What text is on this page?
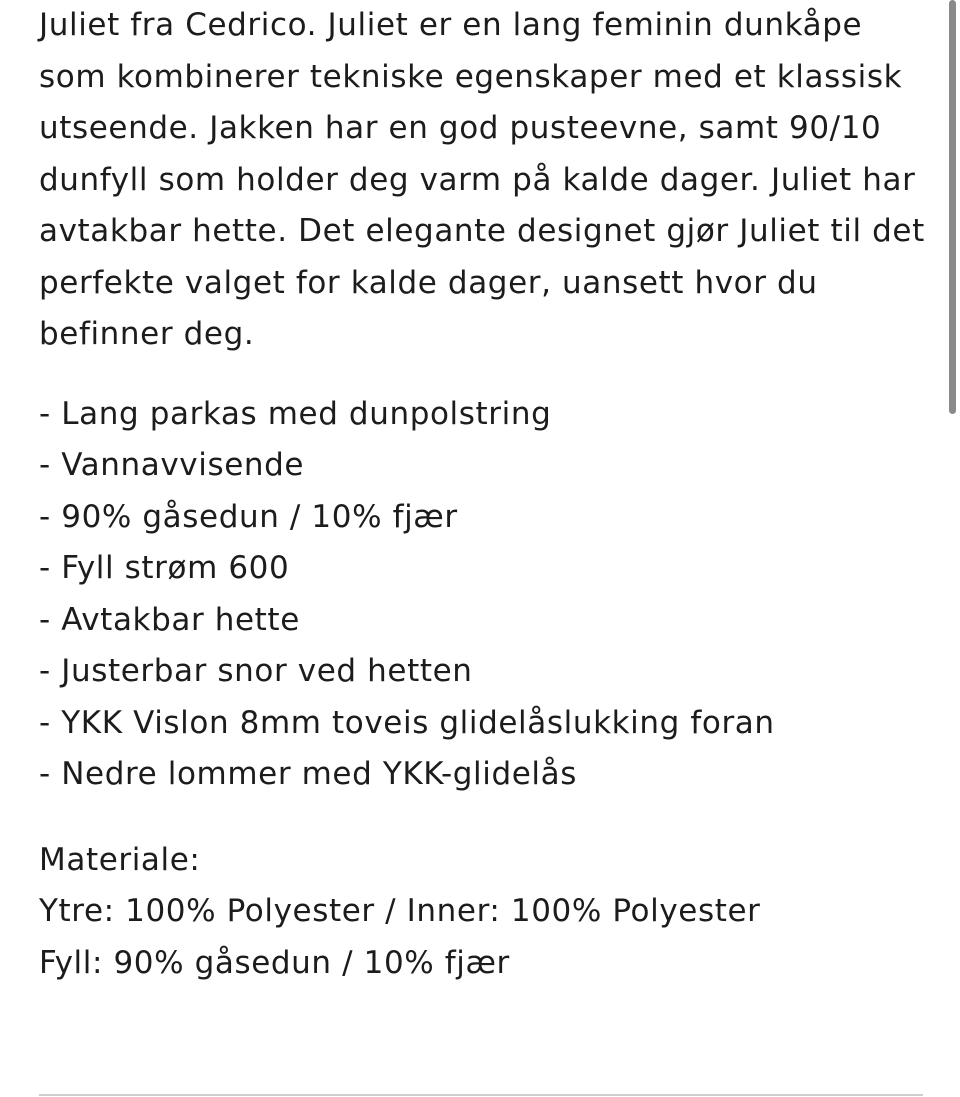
Juliet fra Cedrico. Juliet er en lang feminin dunkåpe som kombinerer tekniske egenskaper med et klassisk utseende. Jakken har en god pusteevne, samt 90/10 dunfyll som holder deg varm på kalde dager. Juliet har avtakbar hette. Det elegante designet gjør Juliet til det perfekte valget for kalde dager, uansett hvor du befinner deg.

- Lang parkas med dunpolstring
- Vannavvisende
- 90% gåsedun / 10% fjær
- Fyll strøm 600
- Avtakbar hette
- Justerbar snor ved hetten
- YKK Vislon 8mm toveis glidelåslukking foran
- Nedre lommer med YKK-glidelås
Materiale:
Ytre: 100% Polyester / Inner: 100% Polyester
Fyll: 90% gåsedun / 10% fjær
